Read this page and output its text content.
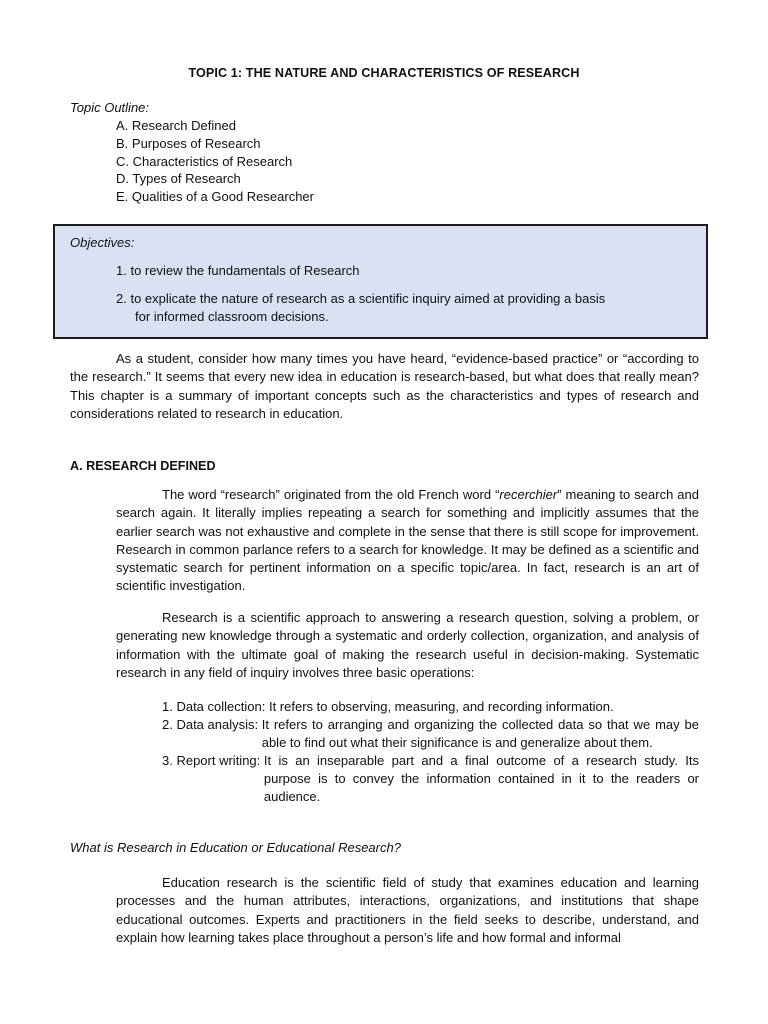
TOPIC 1: THE NATURE AND CHARACTERISTICS OF RESEARCH
Topic Outline:
A. Research Defined
B. Purposes of Research
C. Characteristics of Research
D. Types of Research
E. Qualities of a Good Researcher
Objectives:
1. to review the fundamentals of Research
2. to explicate the nature of research as a scientific inquiry aimed at providing a basis
for informed classroom decisions.

As a student, consider how many times you have heard, “evidence-based practice” or “according to the research.” It seems that every new idea in education is research-based, but what does that really mean? This chapter is a summary of important concepts such as the characteristics and types of research and considerations related to research in education.

A. RESEARCH DEFINED

The word “research” originated from the old French word “recerchier” meaning to search and search again. It literally implies repeating a search for something and implicitly assumes that the earlier search was not exhaustive and complete in the sense that there is still scope for improvement. Research in common parlance refers to a search for knowledge. It may be defined as a scientific and systematic search for pertinent information on a specific topic/area. In fact, research is an art of scientific investigation.

Research is a scientific approach to answering a research question, solving a problem, or generating new knowledge through a systematic and orderly collection, organization, and analysis of information with the ultimate goal of making the research useful in decision-making. Systematic research in any field of inquiry involves three basic operations:

1. Data collection: It refers to observing, measuring, and recording information.
2. Data analysis: It refers to arranging and organizing the collected data so that we may be able to find out what their significance is and generalize about them.
3. Report writing: It is an inseparable part and a final outcome of a research study. Its purpose is to convey the information contained in it to the readers or audience.
What is Research in Education or Educational Research?

Education research is the scientific field of study that examines education and learning processes and the human attributes, interactions, organizations, and institutions that shape educational outcomes. Experts and practitioners in the field seeks to describe, understand, and explain how learning takes place throughout a person’s life and how formal and informal
